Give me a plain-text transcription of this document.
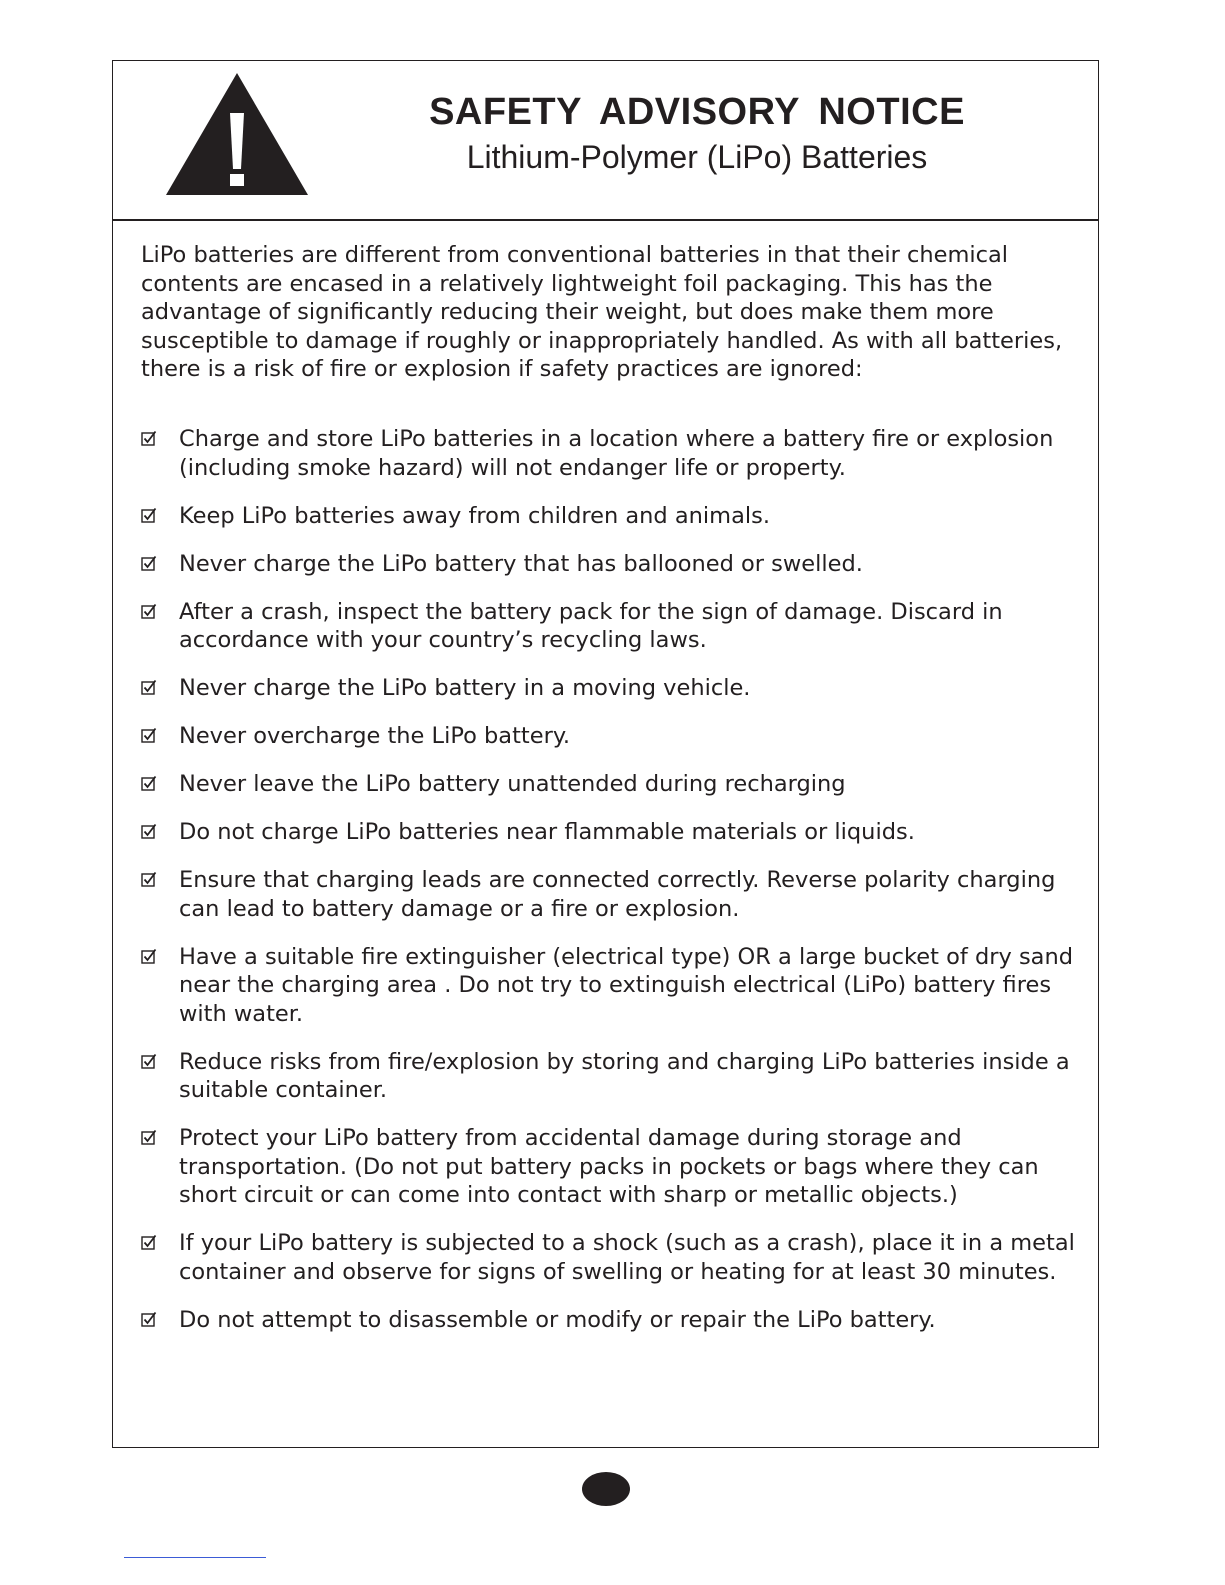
SAFETY ADVISORY NOTICE
Lithium-Polymer (LiPo) Batteries
LiPo batteries are different from conventional batteries in that their chemical contents are encased in a relatively lightweight foil packaging. This has the advantage of significantly reducing their weight, but does make them more susceptible to damage if roughly or inappropriately handled. As with all batteries, there is a risk of fire or explosion if safety practices are ignored:
Charge and store LiPo batteries in a location where a battery fire or explosion (including smoke hazard) will not endanger life or property.
Keep LiPo batteries away from children and animals.
Never charge the LiPo battery that has ballooned or swelled.
After a crash, inspect the battery pack for the sign of damage. Discard in accordance with your country’s recycling laws.
Never charge the LiPo battery in a moving vehicle.
Never overcharge the LiPo battery.
Never leave the LiPo battery unattended during recharging
Do not charge LiPo batteries near flammable materials or liquids.
Ensure that charging leads are connected correctly. Reverse polarity charging can lead to battery damage or a fire or explosion.
Have a suitable fire extinguisher (electrical type) OR a large bucket of dry sand near the charging area . Do not try to extinguish electrical (LiPo) battery fires with water.
Reduce risks from fire/explosion by storing and charging LiPo batteries inside a suitable container.
Protect your LiPo battery from accidental damage during storage and transportation. (Do not put battery packs in pockets or bags where they can short circuit or can come into contact with sharp or metallic objects.)
If your LiPo battery is subjected to a shock (such as a crash), place it in a metal container and observe for signs of swelling or heating for at least 30 minutes.
Do not attempt to disassemble or modify or repair the LiPo battery.
